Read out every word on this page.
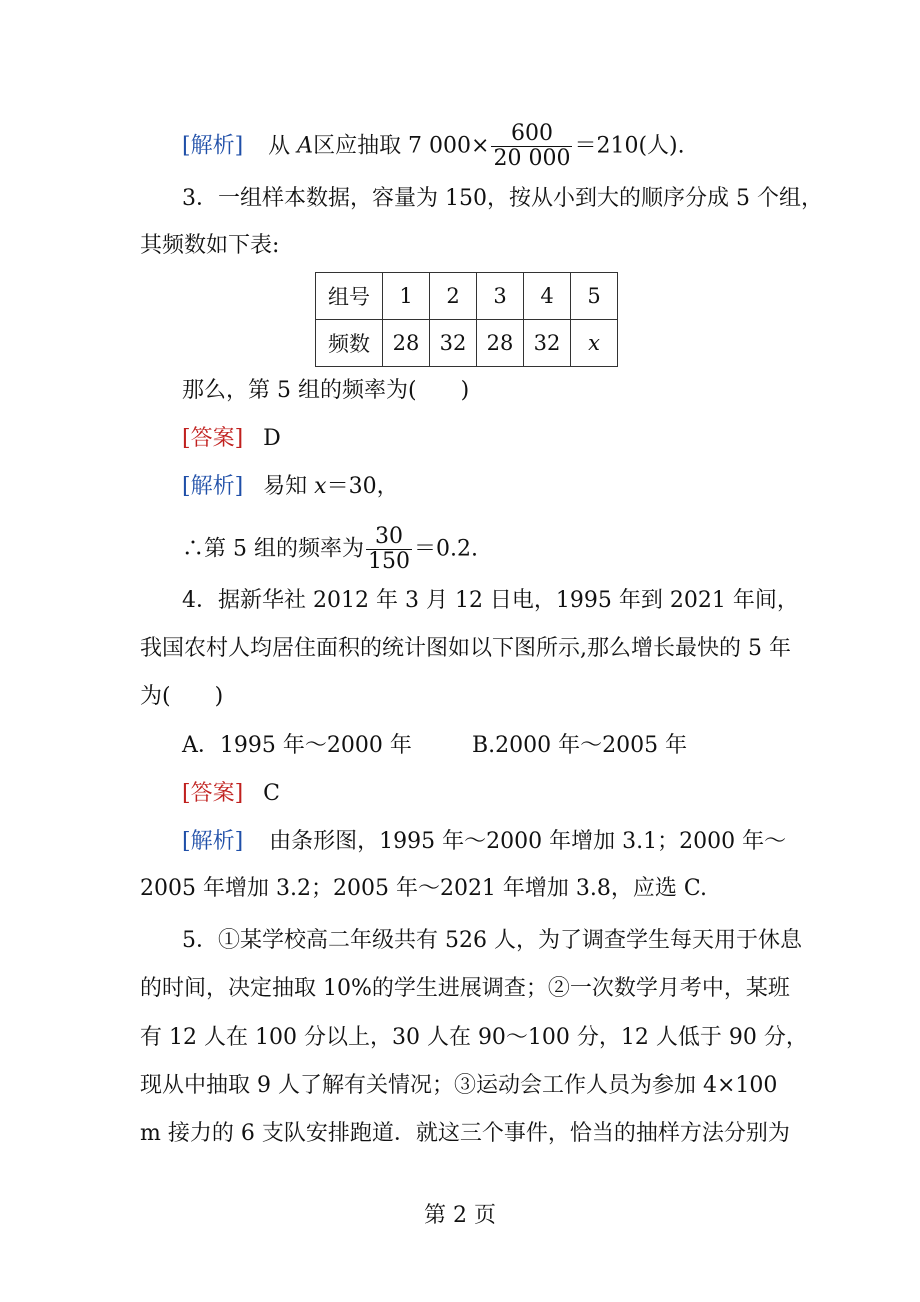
[解析] 从 A区应抽取 7 $000\times \frac{600}{20 000} =210$(人).
3．一组样本数据，容量为 150，按从小到大的顺序分成 5 个组，
其频数如下表:
组号	1	2	3	4	5
频数	28	32	28	32	x
那么，第 5 组的频率为(　　)
[答案] D
[解析] 易知 x＝30，
∴第 5 组的频率为 $\frac{30}{150} =0.2$.
4．据新华社 2012 年 3 月 12 日电，1995 年到 2021 年间，
我国农村人均居住面积的统计图如以下图所示,那么增长最快的 5 年
为(　　)
A．1995 年～2000 年	B.2000 年～2005 年
[答案] C
[解析] 由条形图，1995 年～2000 年增加 3.1；2000 年～
2005 年增加 3.2；2005 年～2021 年增加 3.8，应选 C.
5．①某学校高二年级共有 526 人，为了调查学生每天用于休息
的时间，决定抽取 10%的学生进展调查；②一次数学月考中，某班
有 12 人在 100 分以上，30 人在 90～100 分，12 人低于 90 分，
现从中抽取 9 人了解有关情况；③运动会工作人员为参加 4×100
m 接力的 6 支队安排跑道．就这三个事件，恰当的抽样方法分别为
第 2 页
